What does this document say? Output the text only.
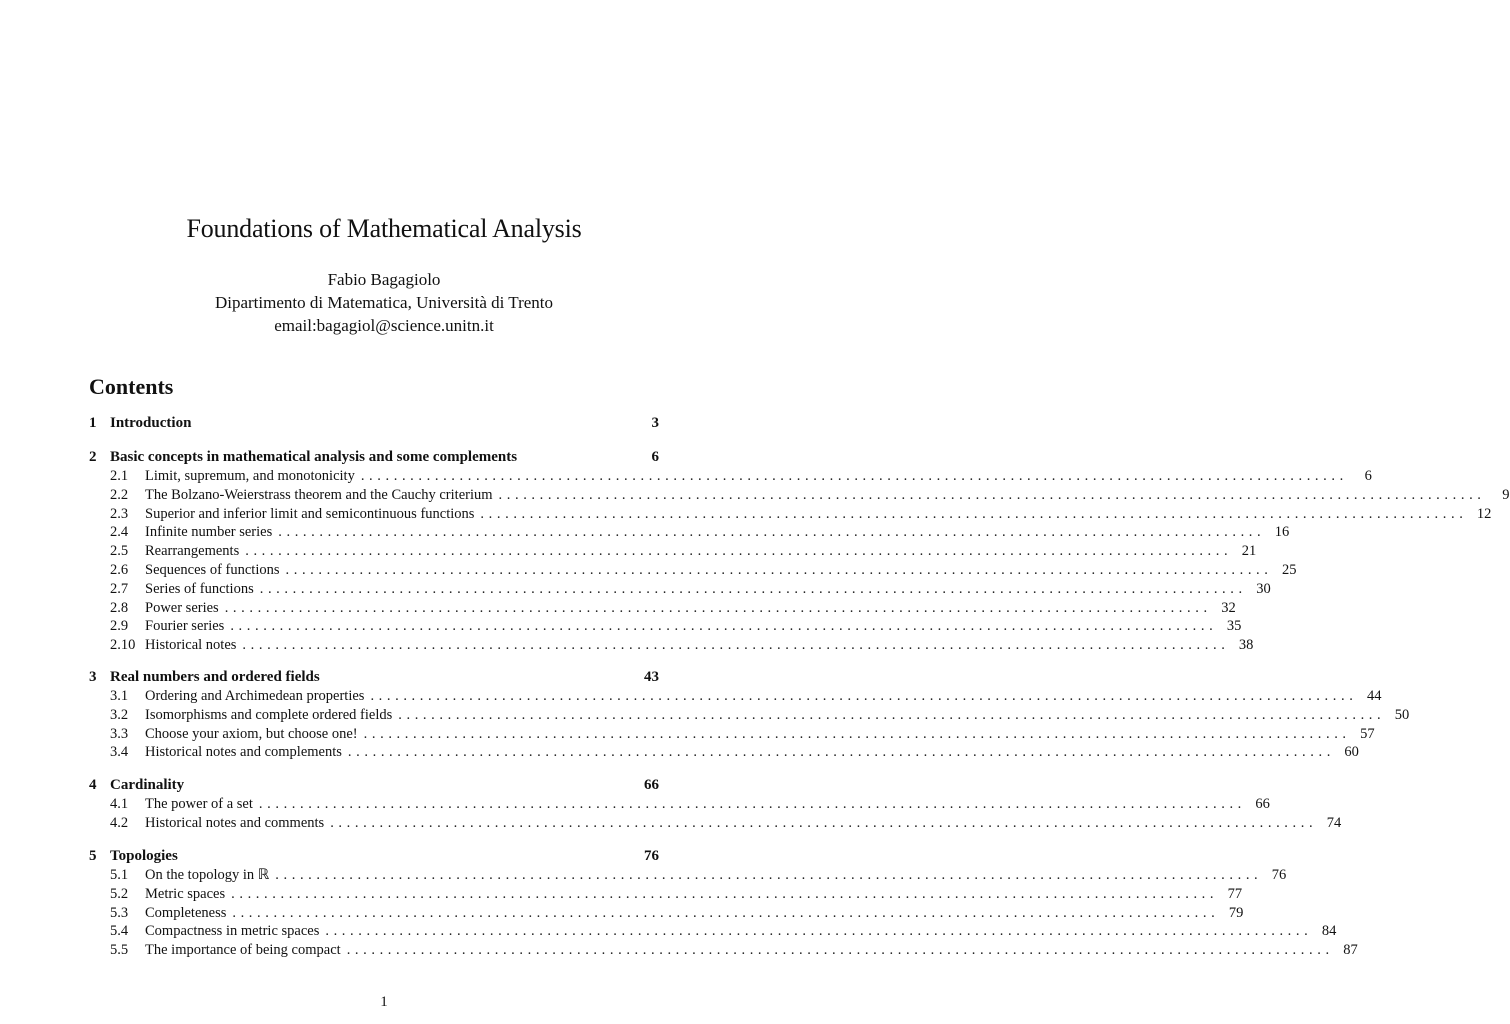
Foundations of Mathematical Analysis
Fabio Bagagiolo
Dipartimento di Matematica, Università di Trento
email:bagagiol@science.unitn.it
Contents
1 Introduction	3
2 Basic concepts in mathematical analysis and some complements	6
2.1	Limit, supremum, and monotonicity ........................................................................................................................	6
2.2	The Bolzano-Weierstrass theorem and the Cauchy criterium ........................................................................................................................	9
2.3	Superior and inferior limit and semicontinuous functions ........................................................................................................................ 12
2.4	Infinite number series ........................................................................................................................ 16
2.5	Rearrangements ........................................................................................................................ 21
2.6	Sequences of functions ........................................................................................................................ 25
2.7	Series of functions ........................................................................................................................ 30
2.8	Power series ........................................................................................................................ 32
2.9	Fourier series ........................................................................................................................ 35
2.10 Historical notes ........................................................................................................................ 38
3 Real numbers and ordered fields	43
3.1	Ordering and Archimedean properties ........................................................................................................................ 44
3.2	Isomorphisms and complete ordered fields ........................................................................................................................ 50
3.3	Choose your axiom, but choose one! ........................................................................................................................ 57
3.4	Historical notes and complements ........................................................................................................................ 60
4 Cardinality	66
4.1	The power of a set ........................................................................................................................ 66
4.2	Historical notes and comments ........................................................................................................................ 74
5 Topologies	76
5.1	On the topology in ℝ ........................................................................................................................ 76
5.2	Metric spaces ........................................................................................................................ 77
5.3	Completeness ........................................................................................................................ 79
5.4	Compactness in metric spaces ........................................................................................................................ 84
5.5	The importance of being compact ........................................................................................................................ 87
1
